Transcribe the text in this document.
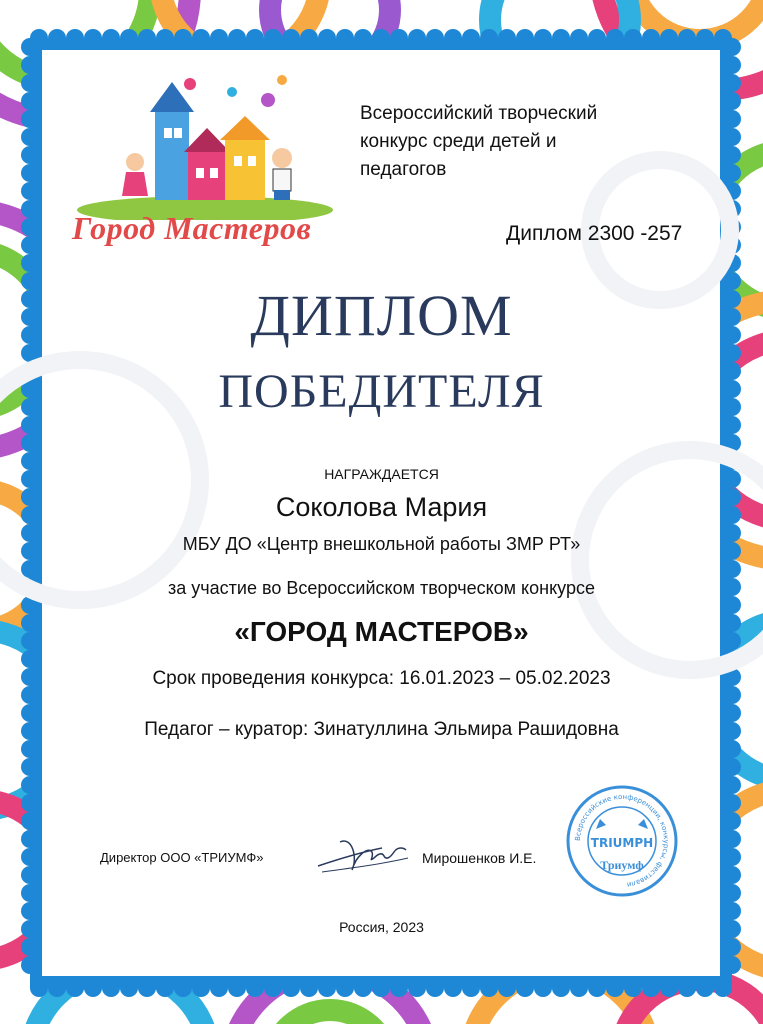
Город Мастеров
Всероссийский творческий
конкурс среди детей и
педагогов
Диплом 2300 -257
ДИПЛОМ
ПОБЕДИТЕЛЯ
НАГРАЖДАЕТСЯ
Соколова Мария
МБУ ДО «Центр внешкольной работы ЗМР РТ»
за участие во Всероссийском творческом конкурсе
«ГОРОД МАСТЕРОВ»
Срок проведения конкурса: 16.01.2023 – 05.02.2023
Педагог – куратор: Зинатуллина Эльмира Рашидовна
Директор ООО «ТРИУМФ»	Мирошенков И.Е.
Всероссийские конференции, конкурсы, фестивали
TRIUMPH
Триумф
Россия, 2023
